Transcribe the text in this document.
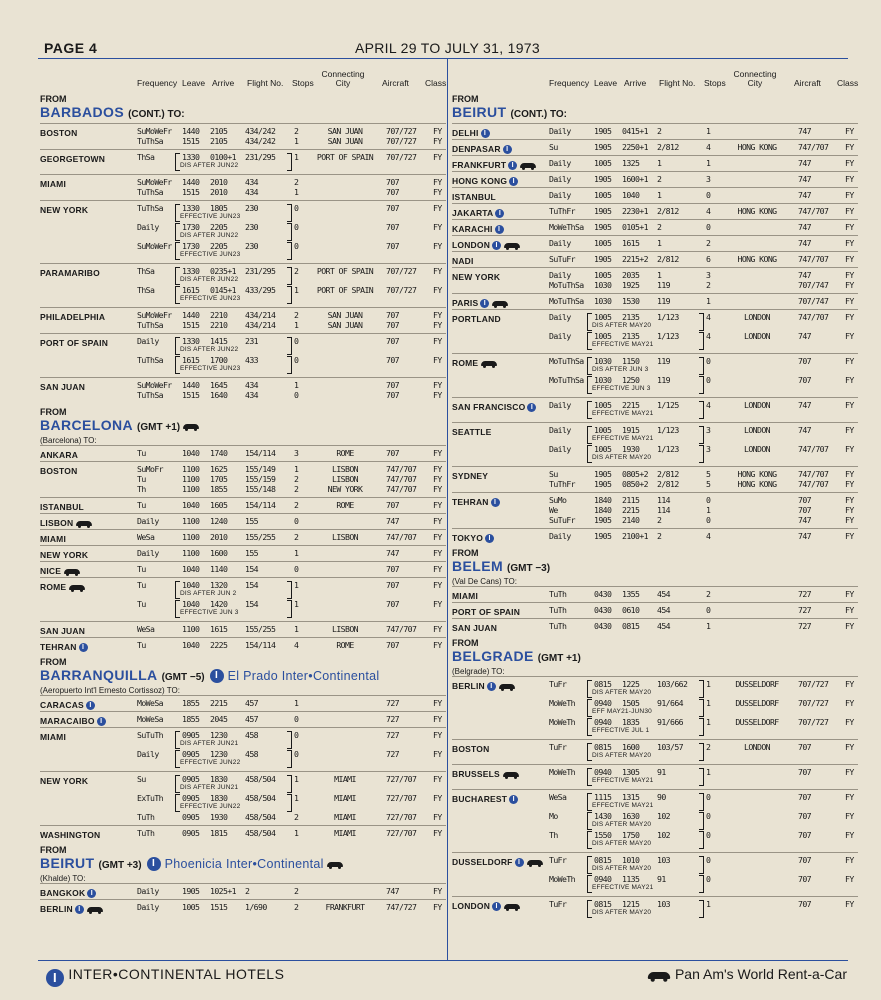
PAGE 4	APRIL 29 TO JULY 31, 1973
Frequency Leave Arrive Flight No. Stops
Connecting City	Aircraft Class
FROM
BARBADOS (CONT.) TO:
BOSTON	SuMoWeFr 1440 2105 434/242 2	SAN JUAN	707/727 FY
TuThSa 1515 2105 434/242 1	SAN JUAN	707/727 FY
GEORGETOWN	ThSa	1330 0100+1 231/295 1	PORT OF SPAIN	707/727 FY
DIS AFTER JUN22
MIAMI	SuMoWeFr 1440 2010 434	2	707	FY
TuThSa 1515 2010 434	1	707	FY
NEW YORK	TuThSa 1330 1805 230	0	707	FY
EFFECTIVE JUN23
Daily	1730 2205 230	0	707	FY
DIS AFTER JUN22
SuMoWeFr 1730 2205 230	0	707	FY
EFFECTIVE JUN23
PARAMARIBO	ThSa	1330 0235+1 231/295 2	PORT OF SPAIN	707/727 FY
DIS AFTER JUN22
ThSa	1615 0145+1 433/295 1	PORT OF SPAIN	707/727 FY
EFFECTIVE JUN23
PHILADELPHIA	SuMoWeFr 1440 2210 434/214 2	SAN JUAN	707	FY
TuThSa 1515 2210 434/214 1	SAN JUAN	707	FY
PORT OF SPAIN	Daily	1330 1415 231	0	707	FY
DIS AFTER JUN22
TuThSa 1615 1700 433	0	707	FY
EFFECTIVE JUN23
SAN JUAN	SuMoWeFr 1440 1645 434	1	707	FY
TuThSa 1515 1640 434	0	707	FY
FROM
BARCELONA (GMT +1)
(Barcelona) TO:
ANKARA	Tu	1040 1740 154/114 3	ROME	707	FY
BOSTON	SuMoFr 1100 1625 155/149 1	LISBON	747/707 FY
Tu	1100 1705 155/159 2	LISBON	747/707 FY
Th	1100 1855 155/148 2	NEW YORK	747/707 FY
ISTANBUL	Tu	1040 1605 154/114 2	ROME	707	FY
LISBON	Daily	1100 1240 155	0	747	FY
MIAMI	WeSa	1100 2010 155/255 2	LISBON	747/707 FY
NEW YORK	Daily	1100 1600 155	1	747	FY
NICE	Tu	1040 1140 154	0	707	FY
ROME	Tu	1040 1320 154	1	707	FY
DIS AFTER JUN 2
Tu	1040 1420 154	1	707	FY
EFFECTIVE JUN 3
SAN JUAN	WeSa	1100 1615 155/255 1	LISBON	747/707 FY
TEHRAN I	Tu	1040 2225 154/114 4	ROME	707	FY
FROM
BARRANQUILLA (GMT −5) I El Prado Inter•Continental
(Aeropuerto Int'l Ernesto Cortissoz) TO:
CARACAS I	MoWeSa 1855 2215 457	1	727	FY
MARACAIBO I	MoWeSa 1855 2045 457	0	727	FY
MIAMI	SuTuTh 0905 1230 458	0	727	FY
DIS AFTER JUN21
Daily	0905 1230 458	0	727	FY
EFFECTIVE JUN22
NEW YORK	Su	0905 1830 458/504 1	MIAMI	727/707 FY
DIS AFTER JUN21
ExTuTh 0905 1830 458/504 1	MIAMI	727/707 FY
EFFECTIVE JUN22
TuTh	0905 1930 458/504 2	MIAMI	727/707 FY
WASHINGTON	TuTh	0905 1815 458/504 1	MIAMI	727/707 FY
FROM
BEIRUT (GMT +3) I Phoenicia Inter•Continental
(Khalde) TO:
BANGKOK I	Daily	1905 1025+1 2	2	747	FY
BERLIN I	Daily	1005 1515 1/690	2	FRANKFURT	747/727 FY
Frequency Leave Arrive Flight No. Stops
Connecting City	Aircraft Class
FROM
BEIRUT (CONT.) TO:
DELHI I	Daily	1905 0415+1 2	1	747	FY
DENPASAR I	Su	1905 2250+1 2/812	4	HONG KONG	747/707 FY
FRANKFURT I	Daily	1005 1325 1	1	747	FY
HONG KONG I	Daily	1905 1600+1 2	3	747	FY
ISTANBUL	Daily	1005 1040 1	0	747	FY
JAKARTA I	TuThFr 1905 2230+1 2/812	4	HONG KONG	747/707 FY
KARACHI I	MoWeThSa 1905 0105+1 2	0	747	FY
LONDON I	Daily	1005 1615 1	2	747	FY
NADI	SuTuFr 1905 2215+2 2/812	6	HONG KONG	747/707 FY
NEW YORK	Daily	1005 2035 1	3	747	FY
MoTuThSa 1030 1925 119	2	707/747 FY
PARIS I	MoTuThSa 1030 1530 119	1	707/747 FY
PORTLAND	Daily	1005 2135 1/123	4	LONDON	747/707 FY
DIS AFTER MAY20
Daily	1005 2135 1/123	4	LONDON	747	FY
EFFECTIVE MAY21
ROME	MoTuThSa 1030 1150 119	0	707	FY
DIS AFTER JUN 3
MoTuThSa 1030 1250 119	0	707	FY
EFFECTIVE JUN 3
SAN FRANCISCO I	Daily	1005 2215 1/125	4	LONDON	747	FY
EFFECTIVE MAY21
SEATTLE	Daily	1005 1915 1/123	3	LONDON	747	FY
EFFECTIVE MAY21
Daily	1005 1930 1/123	3	LONDON	747/707 FY
DIS AFTER MAY20
SYDNEY	Su	1905 0805+2 2/812	5	HONG KONG	747/707 FY
TuThFr 1905 0850+2 2/812	5	HONG KONG	747/707 FY
TEHRAN I	SuMo	1840 2115 114	0	707	FY
We	1840 2215 114	1	707	FY
SuTuFr 1905 2140 2	0	747	FY
TOKYO I	Daily	1905 2100+1 2	4	747	FY
FROM
BELEM (GMT −3)
(Val De Cans) TO:
MIAMI	TuTh	0430 1355 454	2	727	FY
PORT OF SPAIN	TuTh	0430 0610 454	0	727	FY
SAN JUAN	TuTh	0430 0815 454	1	727	FY
FROM
BELGRADE (GMT +1)
(Belgrade) TO:
BERLIN I	TuFr	0815 1225 103/662 1	DUSSELDORF	707/727 FY
DIS AFTER MAY20
MoWeTh 0940 1505 91/664	1	DUSSELDORF	707/727 FY
EFF MAY21-JUN30
MoWeTh 0940 1835 91/666	1	DUSSELDORF	707/727 FY
EFFECTIVE JUL 1
BOSTON	TuFr	0815 1600 103/57	2	LONDON	707	FY
DIS AFTER MAY20
BRUSSELS	MoWeTh 0940 1305 91	1	707	FY
EFFECTIVE MAY21
BUCHAREST I	WeSa	1115 1315 90	0	707	FY
EFFECTIVE MAY21
Mo	1430 1630 102	0	707	FY
DIS AFTER MAY20
Th	1550 1750 102	0	707	FY
DIS AFTER MAY20
DUSSELDORF I	TuFr	0815 1010 103	0	707	FY
DIS AFTER MAY20
MoWeTh 0940 1135 91	0	707	FY
EFFECTIVE MAY21
LONDON I	TuFr	0815 1215 103	1	707	FY
DIS AFTER MAY20
I INTER•CONTINENTAL HOTELS	Pan Am's World Rent-a-Car
